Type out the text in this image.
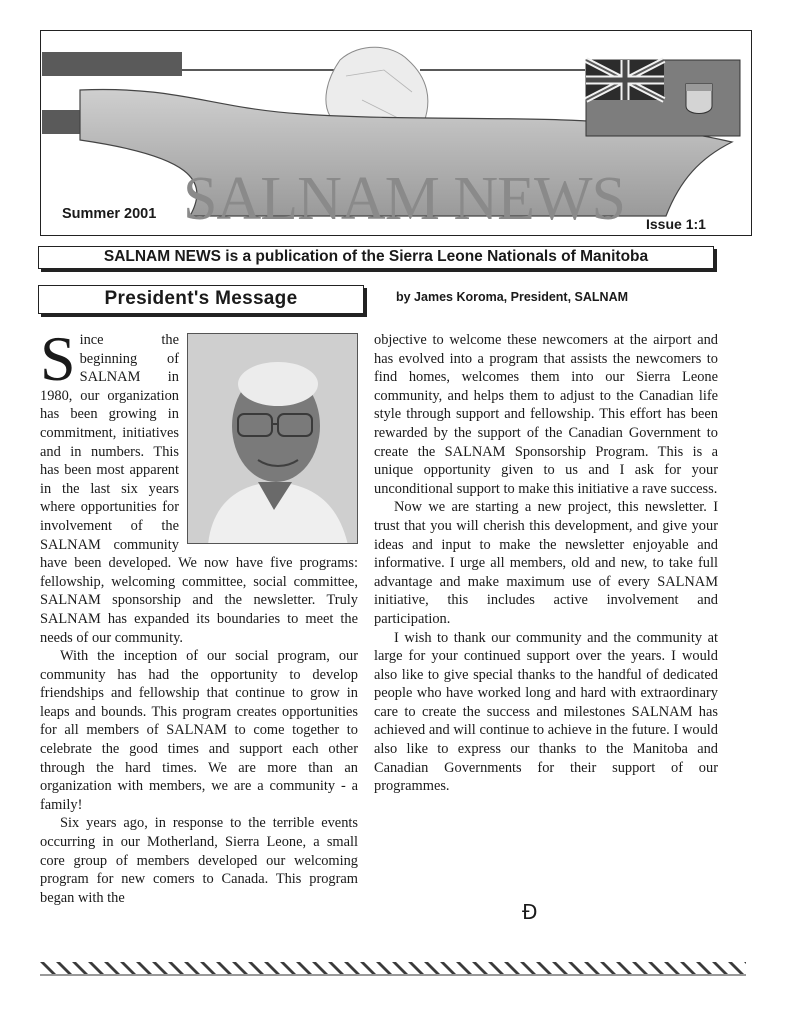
SALNAM NEWS
Summer 2001
Issue 1:1
SALNAM NEWS is a publication of the Sierra Leone Nationals of Manitoba
President's Message	by James Koroma, President, SALNAM

Since the beginning of SALNAM in 1980, our organization has been growing in commitment, initiatives and in numbers. This has been most apparent in the last six years where opportunities for involvement of the SALNAM community have been developed. We now have five programs: fellowship, welcoming committee, social committee, SALNAM sponsorship and the newsletter. Truly SALNAM has expanded its boundaries to meet the needs of our community.

With the inception of our social program, our community has had the opportunity to develop friendships and fellowship that continue to grow in leaps and bounds. This program creates opportunities for all members of SALNAM to come together to celebrate the good times and support each other through the hard times. We are more than an organization with members, we are a community - a family!

Six years ago, in response to the terrible events occurring in our Motherland, Sierra Leone, a small core group of members developed our welcoming program for new comers to Canada. This program began with the

objective to welcome these newcomers at the airport and has evolved into a program that assists the newcomers to find homes, welcomes them into our Sierra Leone community, and helps them to adjust to the Canadian life style through support and fellowship. This effort has been rewarded by the support of the Canadian Government to create the SALNAM Sponsorship Program. This is a unique opportunity given to us and I ask for your unconditional support to make this initiative a rave success.

Now we are starting a new project, this newsletter. I trust that you will cherish this development, and give your ideas and input to make the newsletter enjoyable and informative. I urge all members, old and new, to take full advantage and make maximum use of every SALNAM initiative, this includes active involvement and participation.

I wish to thank our community and the community at large for your continued support over the years. I would also like to give special thanks to the handful of dedicated people who have worked long and hard with extraordinary care to create the success and milestones SALNAM has achieved and will continue to achieve in the future. I would also like to express our thanks to the Manitoba and Canadian Governments for their support of our programmes.

Ɖ
